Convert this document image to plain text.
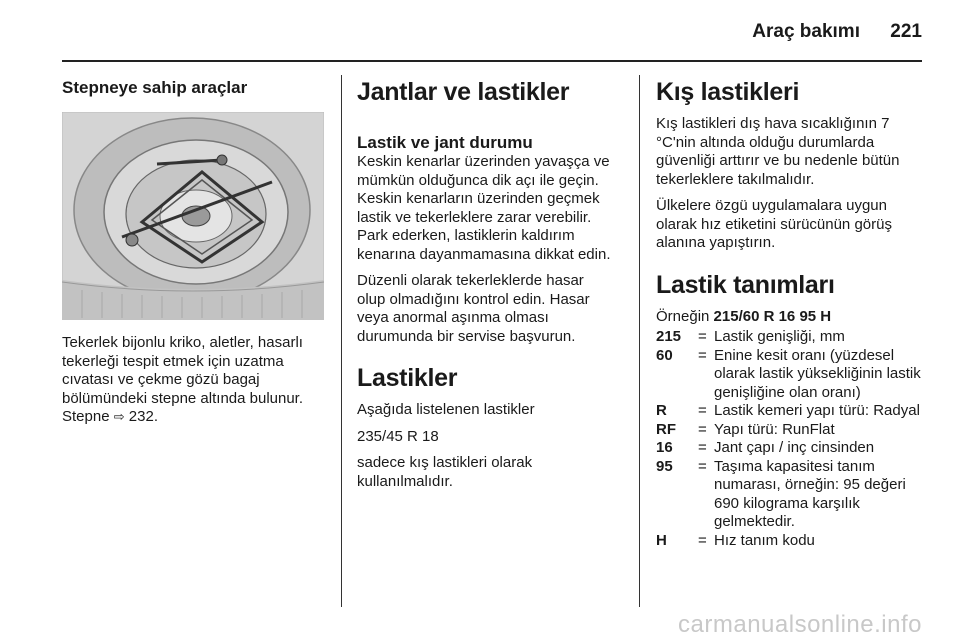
Araç bakımı 221
Stepneye sahip araçlar

Tekerlek bijonlu kriko, aletler, hasarlı tekerleği tespit etmek için uzatma cıvatası ve çekme gözü bagaj bölümündeki stepne altında bulunur.

Stepne ⇨ 232.

Jantlar ve lastikler
Lastik ve jant durumu

Keskin kenarlar üzerinden yavaşça ve mümkün olduğunca dik açı ile geçin. Keskin kenarların üzerinden geçmek lastik ve tekerleklere zarar verebilir. Park ederken, lastiklerin kaldırım kenarına dayanmamasına dikkat edin.

Düzenli olarak tekerleklerde hasar olup olmadığını kontrol edin. Hasar veya anormal aşınma olması durumunda bir servise başvurun.

Lastikler

Aşağıda listelenen lastikler

235/45 R 18

sadece kış lastikleri olarak kullanılmalıdır.

Kış lastikleri

Kış lastikleri dış hava sıcaklığının 7 °C'nin altında olduğu durumlarda güvenliği arttırır ve bu nedenle bütün tekerleklere takılmalıdır.

Ülkelere özgü uygulamalara uygun olarak hız etiketini sürücünün görüş alanına yapıştırın.

Lastik tanımları

Örneğin 215/60 R 16 95 H

215	= Lastik genişliği, mm
60	= Enine kesit oranı (yüzdesel olarak lastik yüksekliğinin lastik genişliğine olan oranı)
R	= Lastik kemeri yapı türü: Radyal
RF	= Yapı türü: RunFlat
16	= Jant çapı / inç cinsinden
95	= Taşıma kapasitesi tanım numarası, örneğin: 95 değeri 690 kilograma karşılık gelmektedir.
H	= Hız tanım kodu
carmanualsonline.info
